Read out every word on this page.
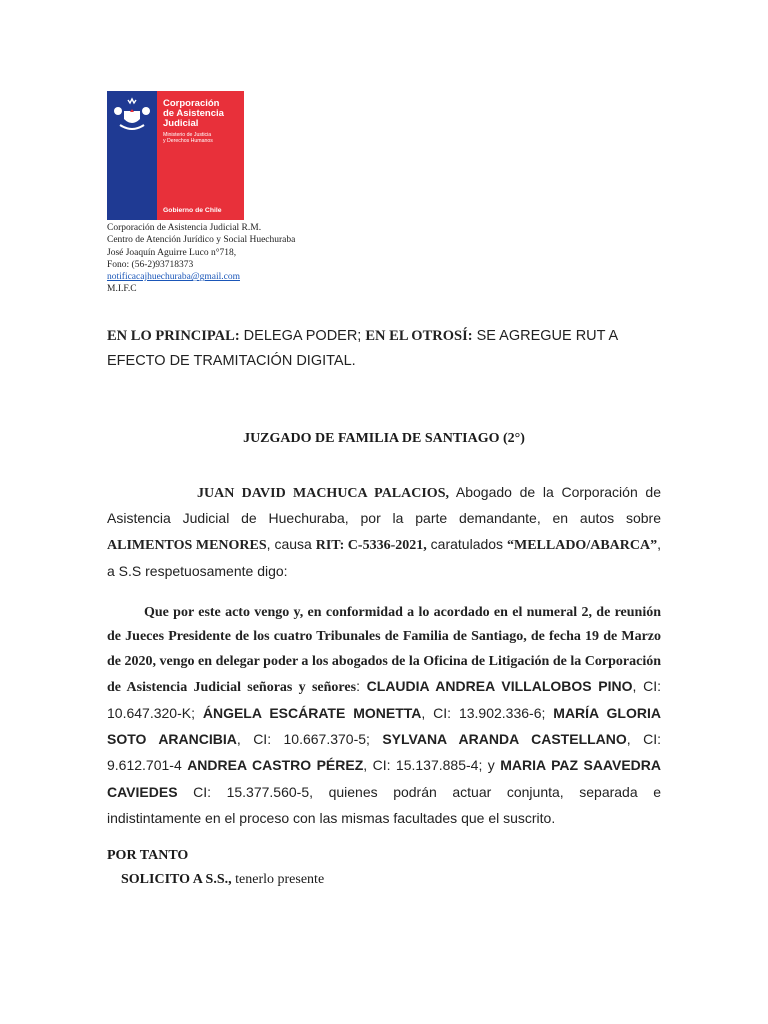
Corporación
de Asistencia
Judicial
Ministerio de Justicia
y Derechos Humanos
Gobierno de Chile
Corporación de Asistencia Judicial R.M.
Centro de Atención Jurídico y Social Huechuraba
José Joaquín Aguirre Luco n°718,
Fono: (56-2)93718373
notificacajhuechuraba@gmail.com
M.I.F.C
EN LO PRINCIPAL: DELEGA PODER; EN EL OTROSÍ: SE AGREGUE RUT A EFECTO DE TRAMITACIÓN DIGITAL.
JUZGADO DE FAMILIA DE SANTIAGO (2°)
JUAN DAVID MACHUCA PALACIOS, Abogado de la Corporación de Asistencia Judicial de Huechuraba, por la parte demandante, en autos sobre ALIMENTOS MENORES, causa RIT: C-5336-2021, caratulados “MELLADO/ABARCA”, a S.S respetuosamente digo:
Que por este acto vengo y, en conformidad a lo acordado en el numeral 2, de reunión de Jueces Presidente de los cuatro Tribunales de Familia de Santiago, de fecha 19 de Marzo de 2020, vengo en delegar poder a los abogados de la Oficina de Litigación de la Corporación de Asistencia Judicial señoras y señores: CLAUDIA ANDREA VILLALOBOS PINO, CI: 10.647.320-K; ÁNGELA ESCÁRATE MONETTA, CI: 13.902.336-6; MARÍA GLORIA SOTO ARANCIBIA, CI: 10.667.370-5; SYLVANA ARANDA CASTELLANO, CI: 9.612.701-4 ANDREA CASTRO PÉREZ, CI: 15.137.885-4; y MARIA PAZ SAAVEDRA CAVIEDES CI: 15.377.560-5, quienes podrán actuar conjunta, separada e indistintamente en el proceso con las mismas facultades que el suscrito.
POR TANTO
SOLICITO A S.S., tenerlo presente
